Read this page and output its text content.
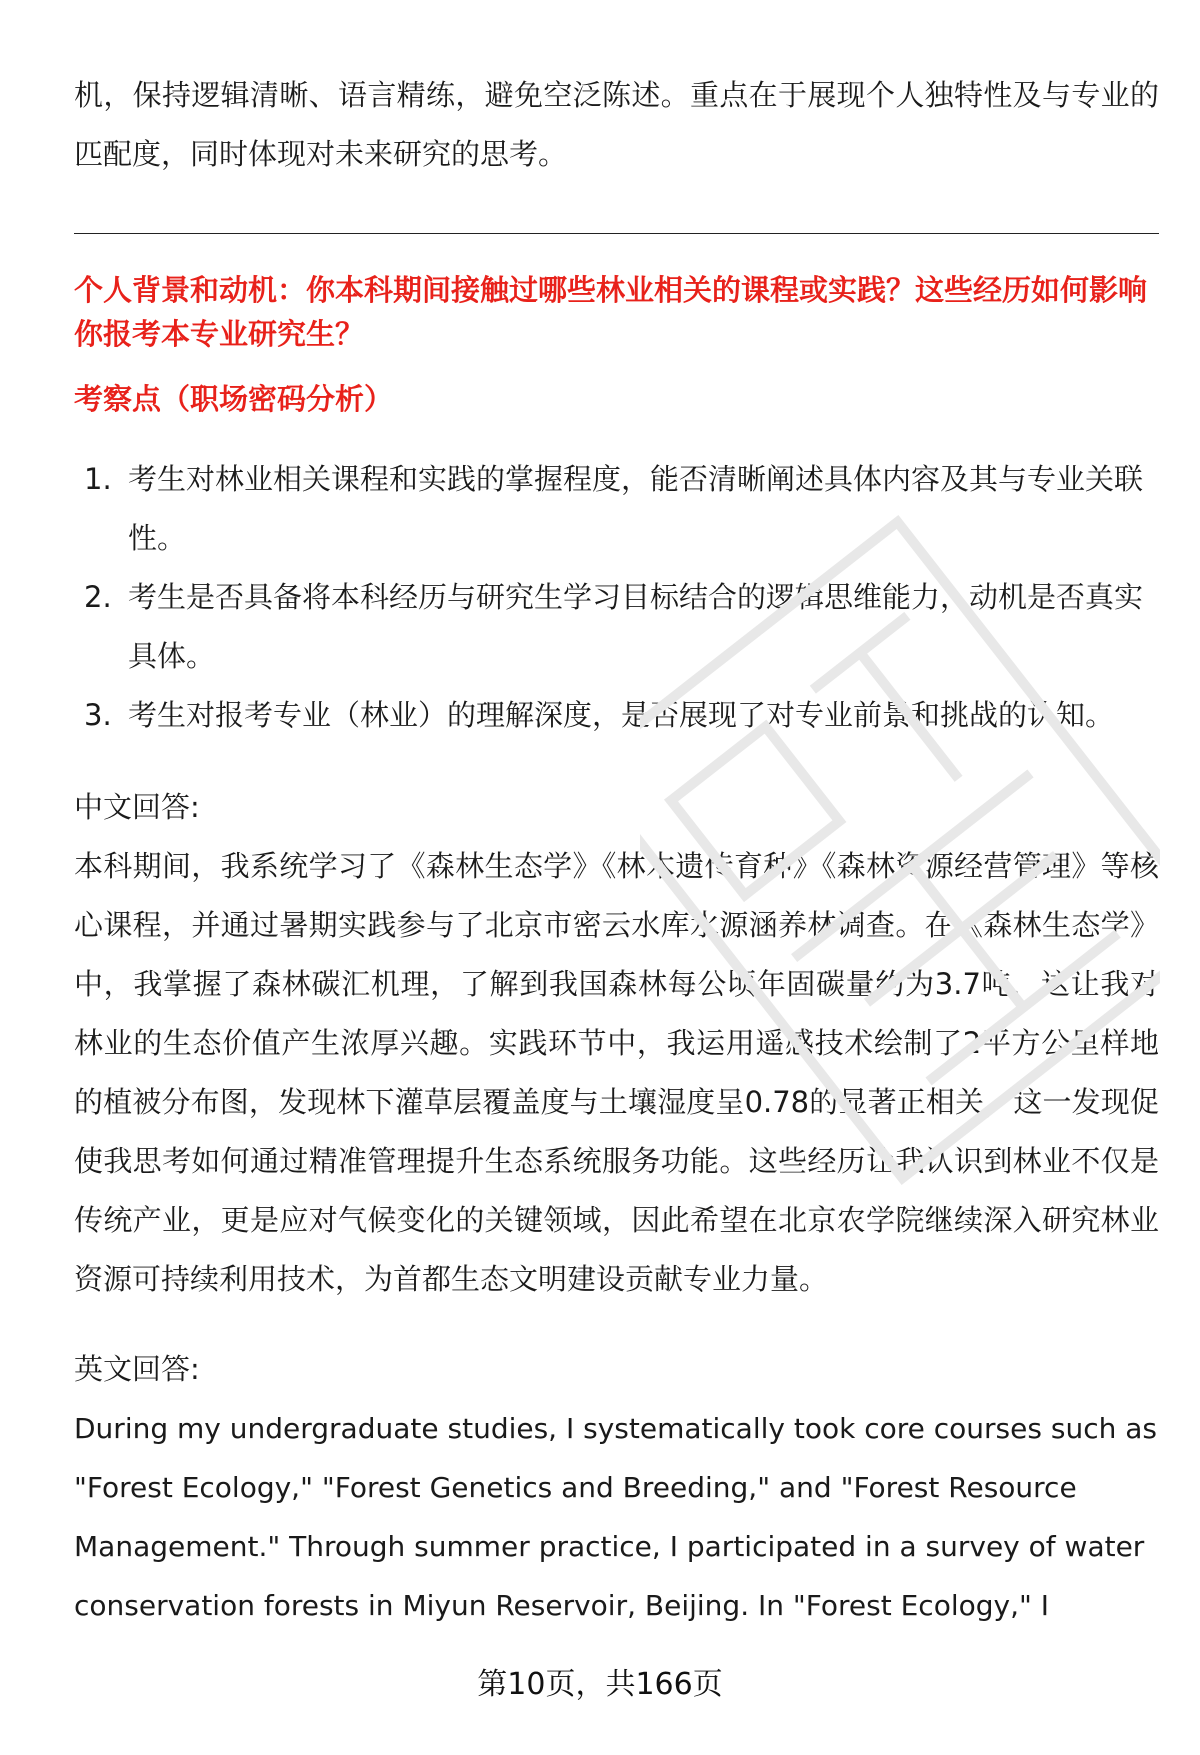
机，保持逻辑清晰、语言精练，避免空泛陈述。重点在于展现个人独特性及与专业的匹配度，同时体现对未来研究的思考。

个人背景和动机：你本科期间接触过哪些林业相关的课程或实践？这些经历如何影响你报考本专业研究生？
考察点（职场密码分析）
1. 考生对林业相关课程和实践的掌握程度，能否清晰阐述具体内容及其与专业关联性。
2. 考生是否具备将本科经历与研究生学习目标结合的逻辑思维能力，动机是否真实具体。
3. 考生对报考专业（林业）的理解深度，是否展现了对专业前景和挑战的认知。

中文回答:

本科期间，我系统学习了《森林生态学》《林木遗传育种》《森林资源经营管理》等核心课程，并通过暑期实践参与了北京市密云水库水源涵养林调查。在《森林生态学》中，我掌握了森林碳汇机理，了解到我国森林每公顷年固碳量约为3.7吨，这让我对林业的生态价值产生浓厚兴趣。实践环节中，我运用遥感技术绘制了2平方公里样地的植被分布图，发现林下灌草层覆盖度与土壤湿度呈0.78的显著正相关，这一发现促使我思考如何通过精准管理提升生态系统服务功能。这些经历让我认识到林业不仅是传统产业，更是应对气候变化的关键领域，因此希望在北京农学院继续深入研究林业资源可持续利用技术，为首都生态文明建设贡献专业力量。

英文回答:

During my undergraduate studies, I systematically took core courses such as "Forest Ecology," "Forest Genetics and Breeding," and "Forest Resource Management." Through summer practice, I participated in a survey of water conservation forests in Miyun Reservoir, Beijing. In "Forest Ecology," I

第10页，共166页
